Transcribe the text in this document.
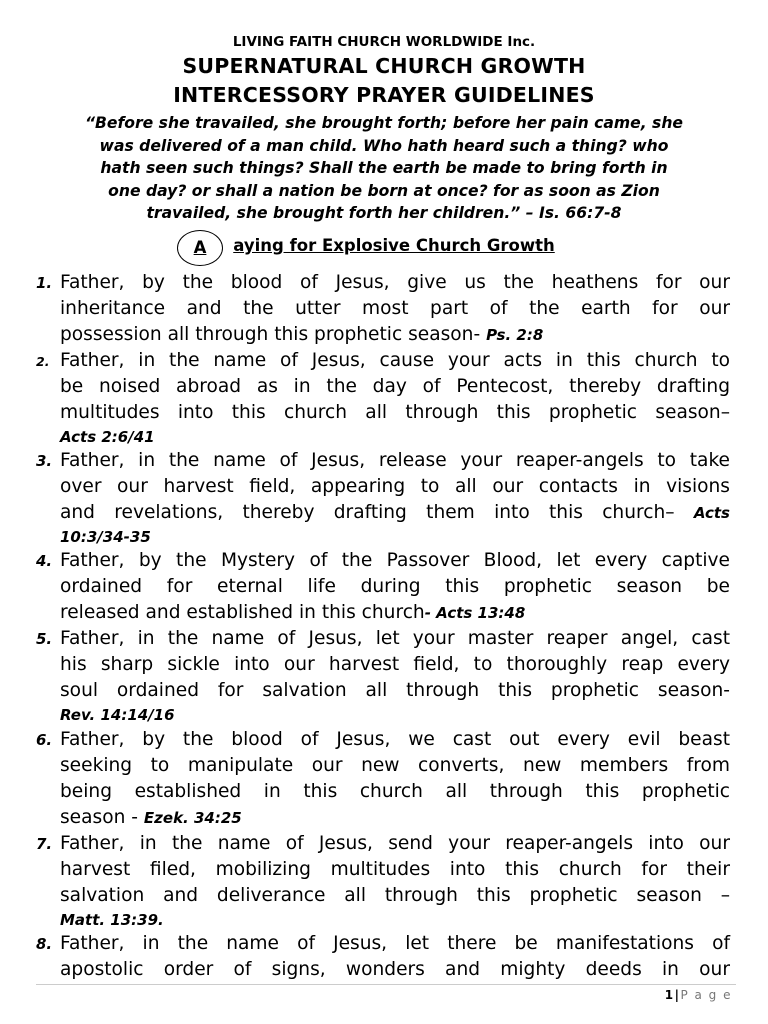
LIVING FAITH CHURCH WORLDWIDE Inc.
SUPERNATURAL CHURCH GROWTH
INTERCESSORY PRAYER GUIDELINES
“Before she travailed, she brought forth; before her pain came, she
was delivered of a man child. Who hath heard such a thing? who
hath seen such things? Shall the earth be made to bring forth in
one day? or shall a nation be born at once? for as soon as Zion
travailed, she brought forth her children.” – Is. 66:7-8
aying for Explosive Church Growth
A
1. Father, by the blood of Jesus, give us the heathens for our
inheritance and the utter most part of the earth for our
possession all through this prophetic season- Ps. 2:8
2. Father, in the name of Jesus, cause your acts in this church to
be noised abroad as in the day of Pentecost, thereby drafting
multitudes into this church all through this prophetic season–
Acts 2:6/41
3. Father, in the name of Jesus, release your reaper-angels to take
over our harvest field, appearing to all our contacts in visions
and revelations, thereby drafting them into this church– Acts
10:3/34-35
4. Father, by the Mystery of the Passover Blood, let every captive
ordained for eternal life during this prophetic season be
released and established in this church- Acts 13:48
5. Father, in the name of Jesus, let your master reaper angel, cast
his sharp sickle into our harvest field, to thoroughly reap every
soul ordained for salvation all through this prophetic season-
Rev. 14:14/16
6. Father, by the blood of Jesus, we cast out every evil beast
seeking to manipulate our new converts, new members from
being established in this church all through this prophetic
season - Ezek. 34:25
7. Father, in the name of Jesus, send your reaper-angels into our
harvest filed, mobilizing multitudes into this church for their
salvation and deliverance all through this prophetic season –
Matt. 13:39.
8. Father, in the name of Jesus, let there be manifestations of
apostolic order of signs, wonders and mighty deeds in our
1|P a g e
